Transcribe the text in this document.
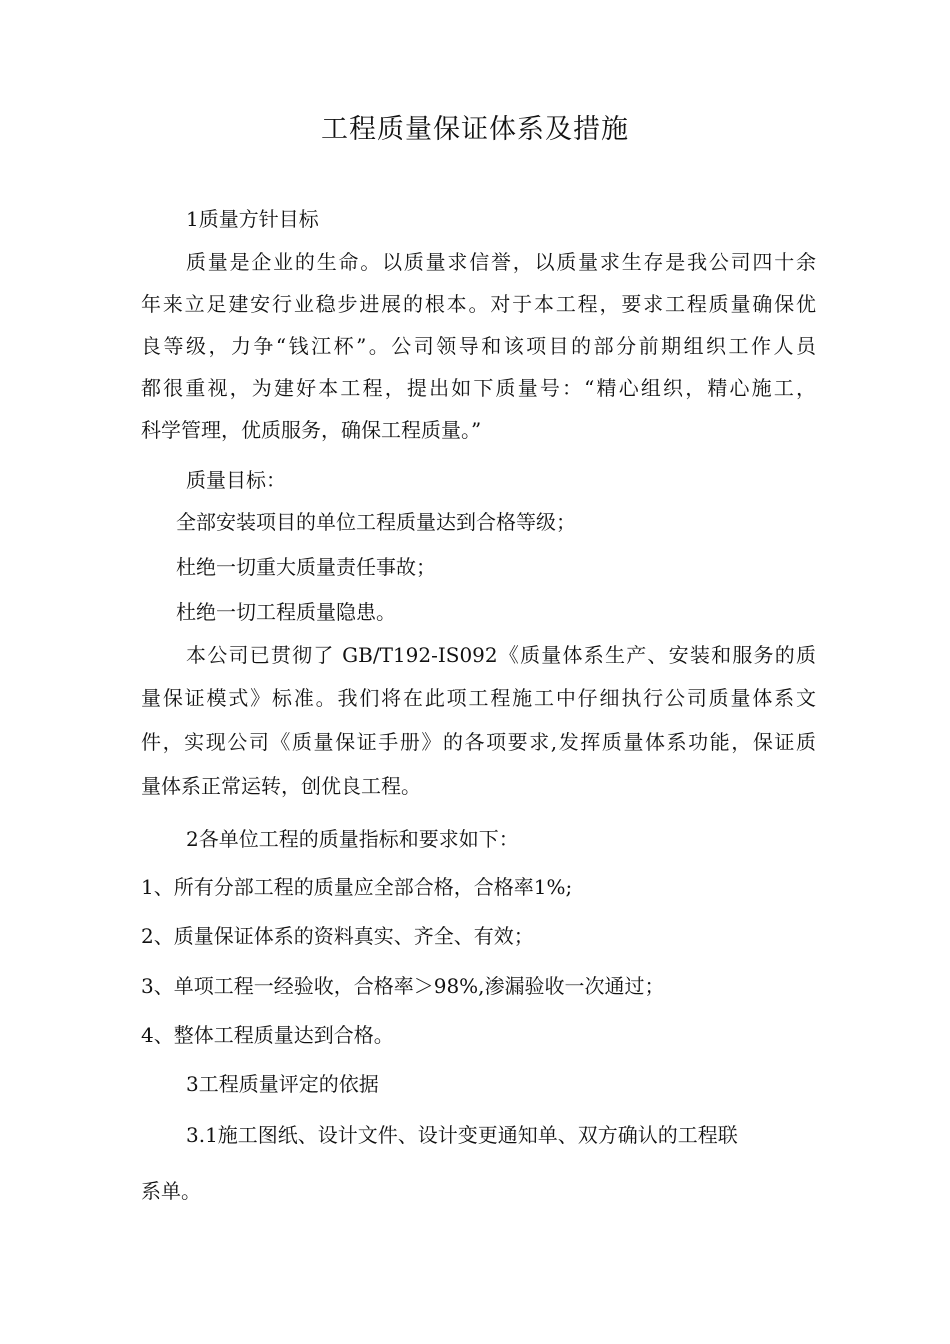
工程质量保证体系及措施
1质量方针目标
质量是企业的生命。以质量求信誉，以质量求生存是我公司四十余
年来立足建安行业稳步进展的根本。对于本工程，要求工程质量确保优
良等级，力争“钱江杯”。公司领导和该项目的部分前期组织工作人员
都很重视，为建好本工程，提出如下质量号：“精心组织，精心施工，
科学管理，优质服务，确保工程质量。”
质量目标：
全部安装项目的单位工程质量达到合格等级；
杜绝一切重大质量责任事故；
杜绝一切工程质量隐患。
本公司已贯彻了 GB/T192-IS092《质量体系生产、安装和服务的质
量保证模式》标准。我们将在此项工程施工中仔细执行公司质量体系文
件，实现公司《质量保证手册》的各项要求,发挥质量体系功能，保证质
量体系正常运转，创优良工程。
2各单位工程的质量指标和要求如下：
1、所有分部工程的质量应全部合格，合格率1%;
2、质量保证体系的资料真实、齐全、有效；
3、单项工程一经验收，合格率＞98%,渗漏验收一次通过；
4、整体工程质量达到合格。
3工程质量评定的依据
3.1施工图纸、设计文件、设计变更通知单、双方确认的工程联
系单。
